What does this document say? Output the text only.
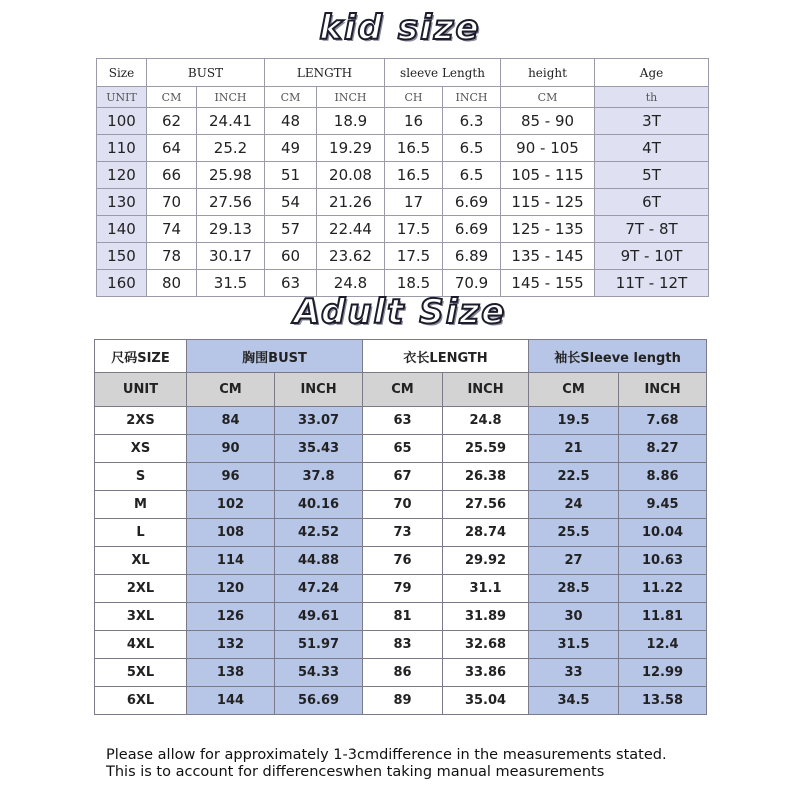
kid size
Size	BUST		LENGTH		sleeve Length		height	Age
UNIT	CM	INCH	CM	INCH	CH	INCH	CM	th
100	62	24.41	48	18.9	16	6.3	85 - 90	3T
110	64	25.2	49	19.29	16.5	6.5	90 - 105	4T
120	66	25.98	51	20.08	16.5	6.5	105 - 115	5T
130	70	27.56	54	21.26	17	6.69	115 - 125	6T
140	74	29.13	57	22.44	17.5	6.69	125 - 135	7T - 8T
150	78	30.17	60	23.62	17.5	6.89	135 - 145	9T - 10T
160	80	31.5	63	24.8	18.5	70.9	145 - 155	11T - 12T
Adult Size
尺码SIZE	胸围BUST		衣长LENGTH		袖长Sleeve length	
UNIT	CM	INCH	CM	INCH	CM	INCH
2XS	84	33.07	63	24.8	19.5	7.68
XS	90	35.43	65	25.59	21	8.27
S	96	37.8	67	26.38	22.5	8.86
M	102	40.16	70	27.56	24	9.45
L	108	42.52	73	28.74	25.5	10.04
XL	114	44.88	76	29.92	27	10.63
2XL	120	47.24	79	31.1	28.5	11.22
3XL	126	49.61	81	31.89	30	11.81
4XL	132	51.97	83	32.68	31.5	12.4
5XL	138	54.33	86	33.86	33	12.99
6XL	144	56.69	89	35.04	34.5	13.58
Please allow for approximately 1-3cmdifference in the measurements stated.
This is to account for differenceswhen taking manual measurements
